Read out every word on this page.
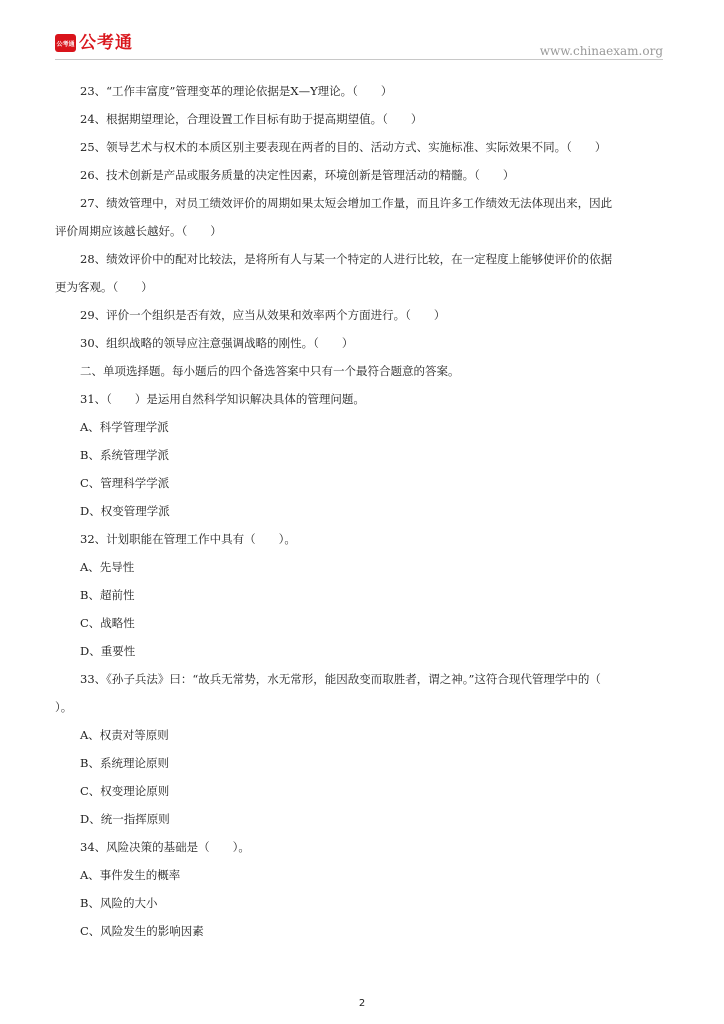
公考通 公考通	www.chinaexam.org

23、“工作丰富度”管理变革的理论依据是X—Y理论。（　　）

24、根据期望理论，合理设置工作目标有助于提高期望值。（　　）

25、领导艺术与权术的本质区别主要表现在两者的目的、活动方式、实施标准、实际效果不同。（　　）

26、技术创新是产品或服务质量的决定性因素，环境创新是管理活动的精髓。（　　）

27、绩效管理中，对员工绩效评价的周期如果太短会增加工作量，而且许多工作绩效无法体现出来，因此

评价周期应该越长越好。（　　）

28、绩效评价中的配对比较法，是将所有人与某一个特定的人进行比较，在一定程度上能够使评价的依据

更为客观。（　　）

29、评价一个组织是否有效，应当从效果和效率两个方面进行。（　　）

30、组织战略的领导应注意强调战略的刚性。（　　）

二、单项选择题。每小题后的四个备选答案中只有一个最符合题意的答案。

31、（　　）是运用自然科学知识解决具体的管理问题。

A、科学管理学派

B、系统管理学派

C、管理科学学派

D、权变管理学派

32、计划职能在管理工作中具有（　　）。

A、先导性

B、超前性

C、战略性

D、重要性

33、《孙子兵法》曰：“故兵无常势，水无常形，能因敌变而取胜者，谓之神。”这符合现代管理学中的（

）。

A、权责对等原则

B、系统理论原则

C、权变理论原则

D、统一指挥原则

34、风险决策的基础是（　　）。

A、事件发生的概率

B、风险的大小

C、风险发生的影响因素

2
